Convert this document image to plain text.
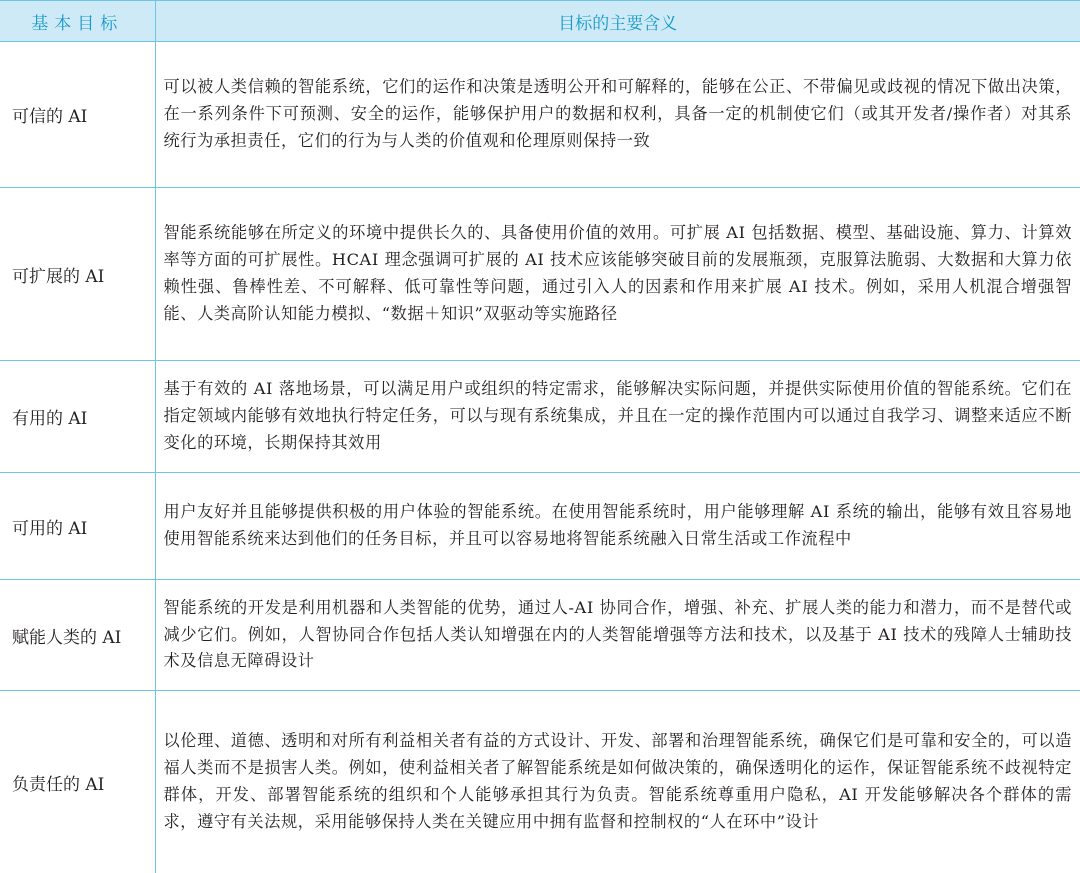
基本目标	目标的主要含义
可信的 AI	可以被人类信赖的智能系统，它们的运作和决策是透明公开和可解释的，能够在公正、不带偏见或歧视的情况下做出决策，在一系列条件下可预测、安全的运作，能够保护用户的数据和权利，具备一定的机制使它们（或其开发者/操作者）对其系统行为承担责任，它们的行为与人类的价值观和伦理原则保持一致
可扩展的 AI	智能系统能够在所定义的环境中提供长久的、具备使用价值的效用。可扩展 AI 包括数据、模型、基础设施、算力、计算效率等方面的可扩展性。HCAI 理念强调可扩展的 AI 技术应该能够突破目前的发展瓶颈，克服算法脆弱、大数据和大算力依赖性强、鲁棒性差、不可解释、低可靠性等问题，通过引入人的因素和作用来扩展 AI 技术。例如，采用人机混合增强智能、人类高阶认知能力模拟、“数据＋知识”双驱动等实施路径
有用的 AI	基于有效的 AI 落地场景，可以满足用户或组织的特定需求，能够解决实际问题，并提供实际使用价值的智能系统。它们在指定领域内能够有效地执行特定任务，可以与现有系统集成，并且在一定的操作范围内可以通过自我学习、调整来适应不断变化的环境，长期保持其效用
可用的 AI	用户友好并且能够提供积极的用户体验的智能系统。在使用智能系统时，用户能够理解 AI 系统的输出，能够有效且容易地使用智能系统来达到他们的任务目标，并且可以容易地将智能系统融入日常生活或工作流程中
赋能人类的 AI	智能系统的开发是利用机器和人类智能的优势，通过人-AI 协同合作，增强、补充、扩展人类的能力和潜力，而不是替代或减少它们。例如，人智协同合作包括人类认知增强在内的人类智能增强等方法和技术，以及基于 AI 技术的残障人士辅助技术及信息无障碍设计
负责任的 AI	以伦理、道德、透明和对所有利益相关者有益的方式设计、开发、部署和治理智能系统，确保它们是可靠和安全的，可以造福人类而不是损害人类。例如，使利益相关者了解智能系统是如何做决策的，确保透明化的运作，保证智能系统不歧视特定群体，开发、部署智能系统的组织和个人能够承担其行为负责。智能系统尊重用户隐私，AI 开发能够解决各个群体的需求，遵守有关法规，采用能够保持人类在关键应用中拥有监督和控制权的“人在环中”设计
